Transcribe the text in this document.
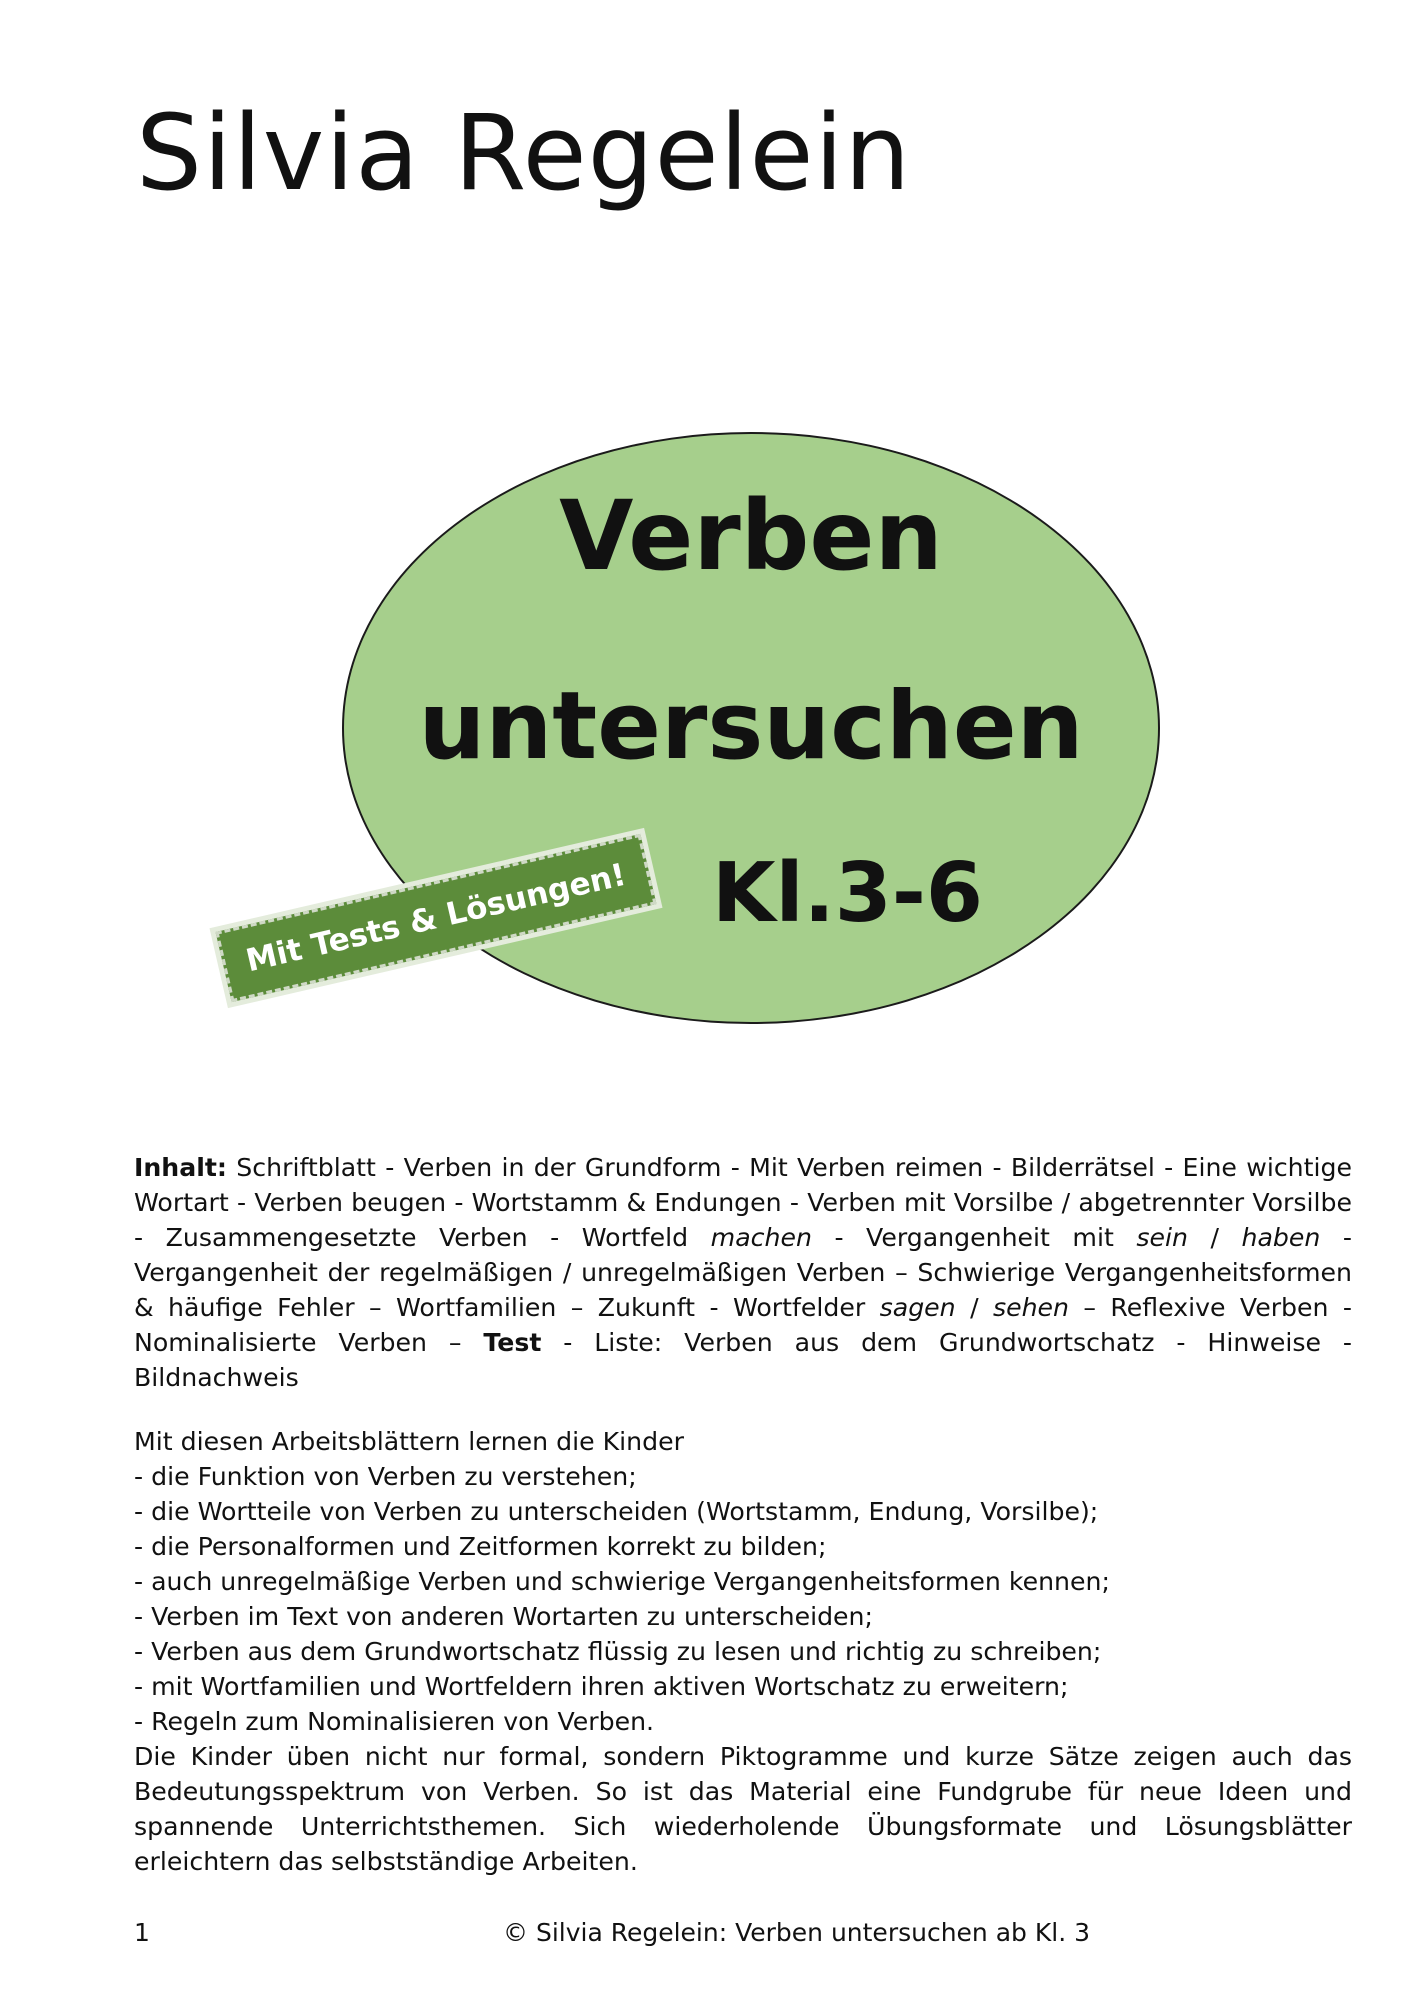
Silvia Regelein
Verben
untersuchen

Kl.3-6

Mit Tests & Lösungen!

Inhalt: Schriftblatt - Verben in der Grundform - Mit Verben reimen - Bilderrätsel - Eine wichtige Wortart - Verben beugen - Wortstamm & Endungen - Verben mit Vorsilbe / abgetrennter Vorsilbe - Zusammengesetzte Verben - Wortfeld machen - Vergangenheit mit sein / haben - Vergangenheit der regelmäßigen / unregelmäßigen Verben – Schwierige Vergangenheitsformen & häufige Fehler – Wortfamilien – Zukunft - Wortfelder sagen / sehen – Reflexive Verben - Nominalisierte Verben – Test - Liste: Verben aus dem Grundwortschatz - Hinweise - Bildnachweis

Mit diesen Arbeitsblättern lernen die Kinder

- die Funktion von Verben zu verstehen;
- die Wortteile von Verben zu unterscheiden (Wortstamm, Endung, Vorsilbe);
- die Personalformen und Zeitformen korrekt zu bilden;
- auch unregelmäßige Verben und schwierige Vergangenheitsformen kennen;
- Verben im Text von anderen Wortarten zu unterscheiden;
- Verben aus dem Grundwortschatz flüssig zu lesen und richtig zu schreiben;
- mit Wortfamilien und Wortfeldern ihren aktiven Wortschatz zu erweitern;
- Regeln zum Nominalisieren von Verben.

Die Kinder üben nicht nur formal, sondern Piktogramme und kurze Sätze zeigen auch das Bedeutungsspektrum von Verben. So ist das Material eine Fundgrube für neue Ideen und spannende Unterrichtsthemen. Sich wiederholende Übungsformate und Lösungsblätter erleichtern das selbstständige Arbeiten.

1	© Silvia Regelein: Verben untersuchen ab Kl. 3
